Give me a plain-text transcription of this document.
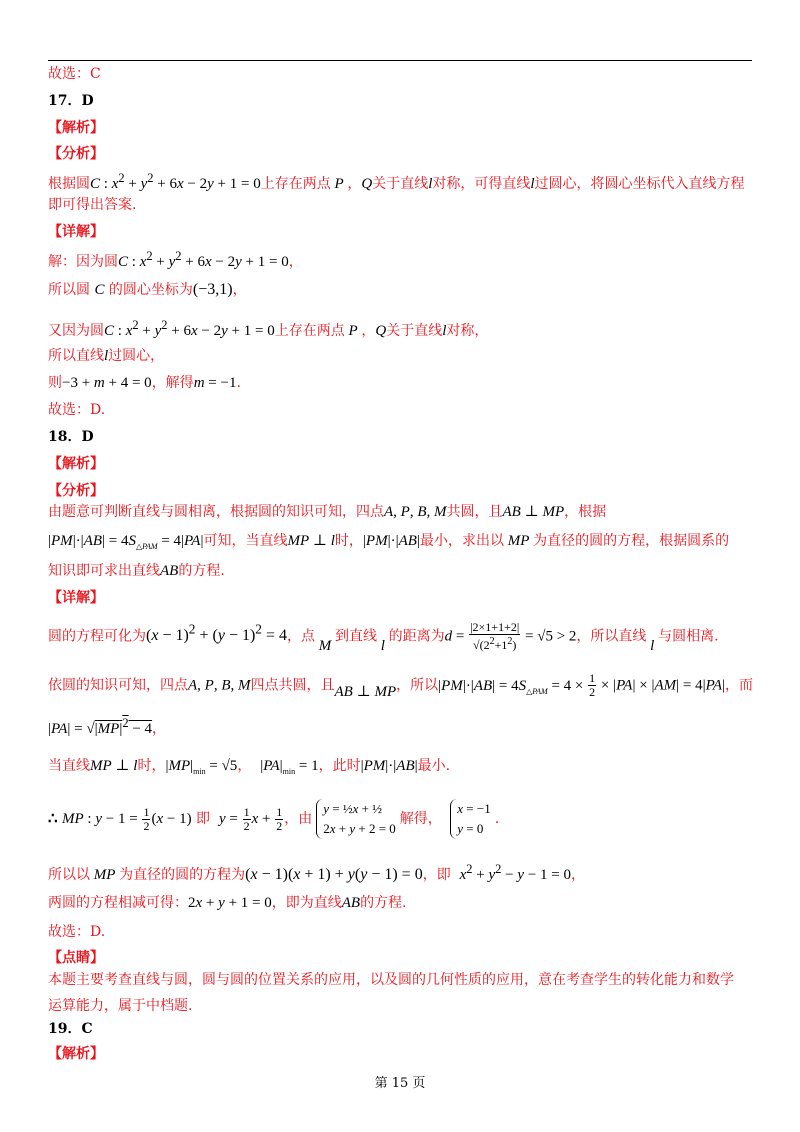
故选：C
17．D
【解析】
【分析】
根据圆C : $x^2 + y^2 + 6x - 2y + 1 = 0$上存在两点 P ，Q关于直线l对称，可得直线l过圆心，将圆心坐标代入直线方程
即可得出答案.
【详解】
解：因为圆C : $x^2 + y^2 + 6x - 2y + 1 = 0$，
所以圆 C 的圆心坐标为(−3,1)，
又因为圆C : $x^2 + y^2 + 6x - 2y + 1 = 0$上存在两点 P ，Q关于直线l对称，
所以直线l过圆心，
则−3 + m + 4 = 0，解得m = −1.
故选：D.
18．D
【解析】
【分析】
由题意可判断直线与圆相离，根据圆的知识可知，四点A, P, B, M共圆，且AB ⊥ MP，根据
$|PM|\cdot|AB| = 4S_{\triangle PAM} = 4|PA|$可知，当直线MP ⊥ l时，|PM|·|AB|最小，求出以 MP 为直径的圆的方程，根据圆系的
知识即可求出直线AB的方程.
【详解】
圆的方程可化为$(x - 1)^2 + (y - 1)^2 = 4$，点 M 到直线 l 的距离为$d = \frac{|2\times 1+1+2|}{√(2^2+1^2)} = √5 > 2$，所以直线 l 与圆相离.
依圆的知识可知，四点A, P, B, M四点共圆，且AB ⊥ MP，所以$|PM|\cdot|AB| = 4S_{\triangle PAM} = 4 \times \frac{1}{2} \times |PA| \times |AM| = 4|PA|$，而
$|PA| = √|MP|^2 - 4$，
当直线MP ⊥ l时，$|MP|_{min} = √5$，  $|PA|_{min} = 1$，此时|PM|·|AB|最小.
∴ MP : $y - 1 = \frac{1}{2} (x - 1)$ 即  $y = \frac{1}{2}$ $x + \frac{1}{2}$ ，由
y = ½x + ½
2x + y + 2 = 0
解得，
x = −1
y = 0
.
所以以 MP 为直径的圆的方程为(x − 1)(x + 1) + y(y − 1) = 0，即  $x^2 + y^2 - y - 1 = 0$，
两圆的方程相减可得：2x + y + 1 = 0，即为直线AB的方程.
故选：D.
【点睛】
本题主要考查直线与圆，圆与圆的位置关系的应用，以及圆的几何性质的应用，意在考查学生的转化能力和数学
运算能力，属于中档题.
19．C
【解析】
第 15 页
